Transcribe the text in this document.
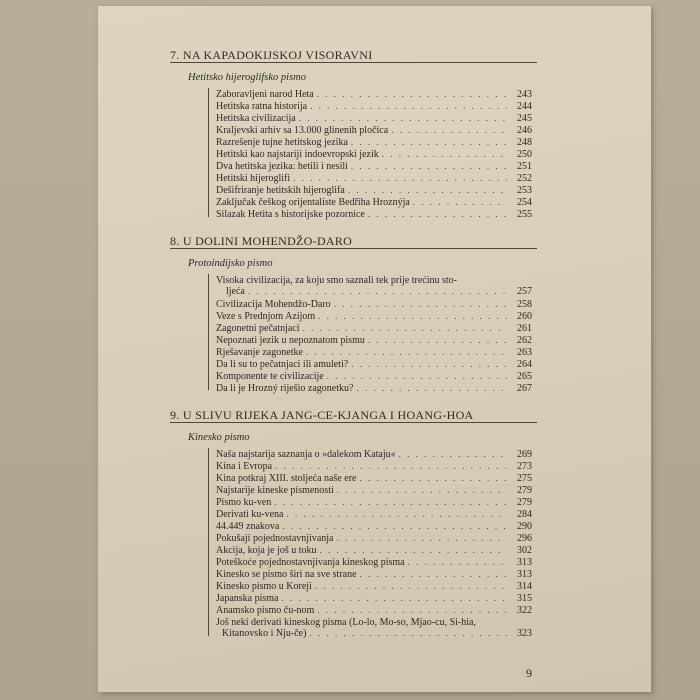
7. NA KAPADOKIJSKOJ VISORAVNI
Hetitsko hijeroglifsko pismo
Zaboravljeni narod Heta . . .	243
Hetitska ratna historija . . .	244
Hetitska civilizacija . . .	245
Kraljevski arhiv sa 13.000 glinenih pločica . . .	246
Razrešenje tujne hetitskog jezika . . .	248
Hetitski kao najstariji indoevropski jezik . . .	250
Dva hetitska jezika: hetili i nesili . . .	251
Hetitski hijeroglifi . . .	252
Dešifriranje hetitskih hijeroglifa . . .	253
Zaključak češkog orijentaliste Bedřiha Hroznýja . . .	254
Silazak Hetita s historijske pozornice . . .	255
8. U DOLINI MOHENDŽO-DARO
Protoindijsko pismo
Visoka civilizacija, za koju smo saznali tek prije trećinu sto-
ljeća . . .	257
Civilizacija Mohendžo-Daro . . .	258
Veze s Prednjom Azijom . . .	260
Zagonetni pečatnjaci . . .	261
Nepoznati jezik u nepoznatom pismu . . .	262
Rješavanje zagonetke . . .	263
Da li su to pečatnjaci ili amuleti? . . .	264
Komponente te civilizacije . . .	265
Da li je Hrozný riješio zagonetku? . . .	267
9. U SLIVU RIJEKA JANG-CE-KJANGA I HOANG-HOA
Kinesko pismo
Naša najstarija saznanja o »dalekom Kataju« . . .	269
Kina i Evropa . . .	273
Kina potkraj XIII. stoljeća naše ere . . .	275
Najstarije kineske pismenosti . . .	279
Pismo ku-ven . . .	279
Derivati ku-vena . . .	284
44.449 znakova . . .	290
Pokušaji pojednostavnjivanja . . .	296
Akcija, koja je još u toku . . .	302
Poteškoće pojednostavnjivanja kineskog pisma . . .	313
Kinesko se pismo širi na sve strane . . .	313
Kinesko pismo u Koreji . . .	314
Japanska pisma . . .	315
Anamsko pismo ču-nom . . .	322
Još neki derivati kineskog pisma (Lo-lo, Mo-so, Mjao-cu, Si-hia,
Kitanovsko i Nju-če) . . .	323
9
